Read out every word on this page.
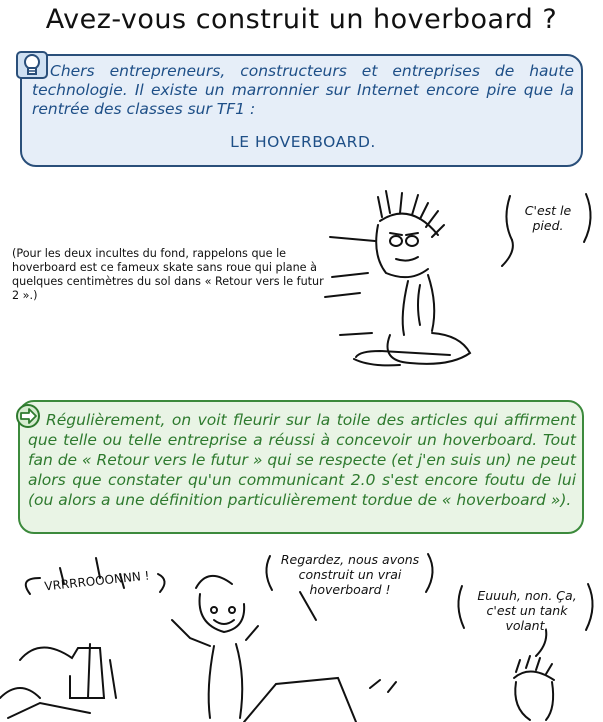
Avez-vous construit un hoverboard ?
Chers entrepreneurs, constructeurs et entreprises de haute technologie. Il existe un marronnier sur Internet encore pire que la rentrée des classes sur TF1 :
LE HOVERBOARD.
(Pour les deux incultes du fond, rappelons que le hoverboard est ce fameux skate sans roue qui plane à quelques centimètres du sol dans « Retour vers le futur 2 ».)
C'est le pied.
Régulièrement, on voit fleurir sur la toile des articles qui affirment que telle ou telle entreprise a réussi à concevoir un hoverboard. Tout fan de « Retour vers le futur » qui se respecte (et j'en suis un) ne peut alors que constater qu'un communicant 2.0 s'est encore foutu de lui (ou alors a une définition particulièrement tordue de « hoverboard »).
VRRRROOONNN !
Regardez, nous avons construit un vrai hoverboard !	Euuuh, non. Ça, c'est un tank volant.
